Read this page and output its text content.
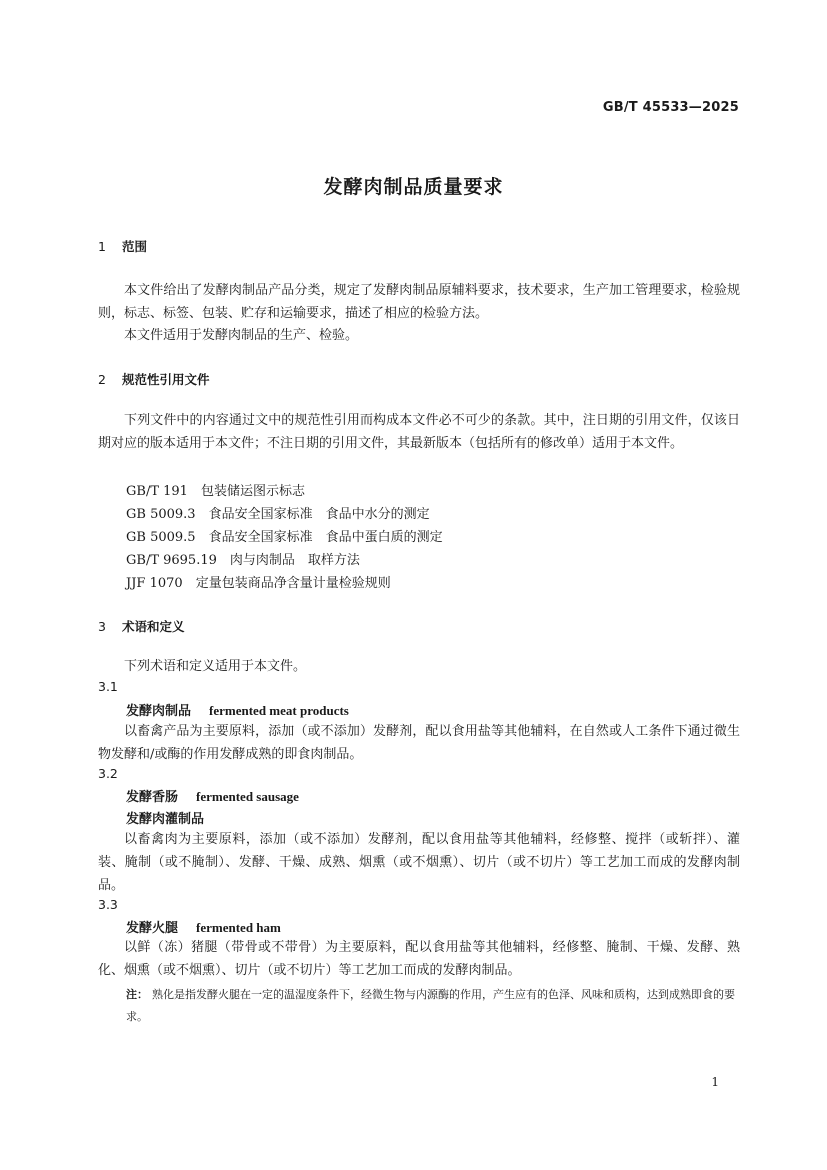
GB/T 45533—2025
发酵肉制品质量要求
1 范围
本文件给出了发酵肉制品产品分类，规定了发酵肉制品原辅料要求，技术要求，生产加工管理要求，检验规则，标志、标签、包装、贮存和运输要求，描述了相应的检验方法。
本文件适用于发酵肉制品的生产、检验。
2 规范性引用文件
下列文件中的内容通过文中的规范性引用而构成本文件必不可少的条款。其中，注日期的引用文件，仅该日期对应的版本适用于本文件；不注日期的引用文件，其最新版本（包括所有的修改单）适用于本文件。
GB/T 191　 包装储运图示标志
GB 5009.3　 食品安全国家标准　食品中水分的测定
GB 5009.5　 食品安全国家标准　食品中蛋白质的测定
GB/T 9695.19　 肉与肉制品　取样方法
JJF 1070　 定量包装商品净含量计量检验规则
3 术语和定义
下列术语和定义适用于本文件。
3.1
发酵肉制品 fermented meat products
以畜禽产品为主要原料，添加（或不添加）发酵剂，配以食用盐等其他辅料，在自然或人工条件下通过微生物发酵和/或酶的作用发酵成熟的即食肉制品。
3.2
发酵香肠 fermented sausage
发酵肉灌制品
以畜禽肉为主要原料，添加（或不添加）发酵剂，配以食用盐等其他辅料，经修整、搅拌（或斩拌）、灌装、腌制（或不腌制）、发酵、干燥、成熟、烟熏（或不烟熏）、切片（或不切片）等工艺加工而成的发酵肉制品。
3.3
发酵火腿 fermented ham
以鲜（冻）猪腿（带骨或不带骨）为主要原料，配以食用盐等其他辅料，经修整、腌制、干燥、发酵、熟化、烟熏（或不烟熏）、切片（或不切片）等工艺加工而成的发酵肉制品。
注： 熟化是指发酵火腿在一定的温湿度条件下，经微生物与内源酶的作用，产生应有的色泽、风味和质构，达到成熟即食的要求。
1
